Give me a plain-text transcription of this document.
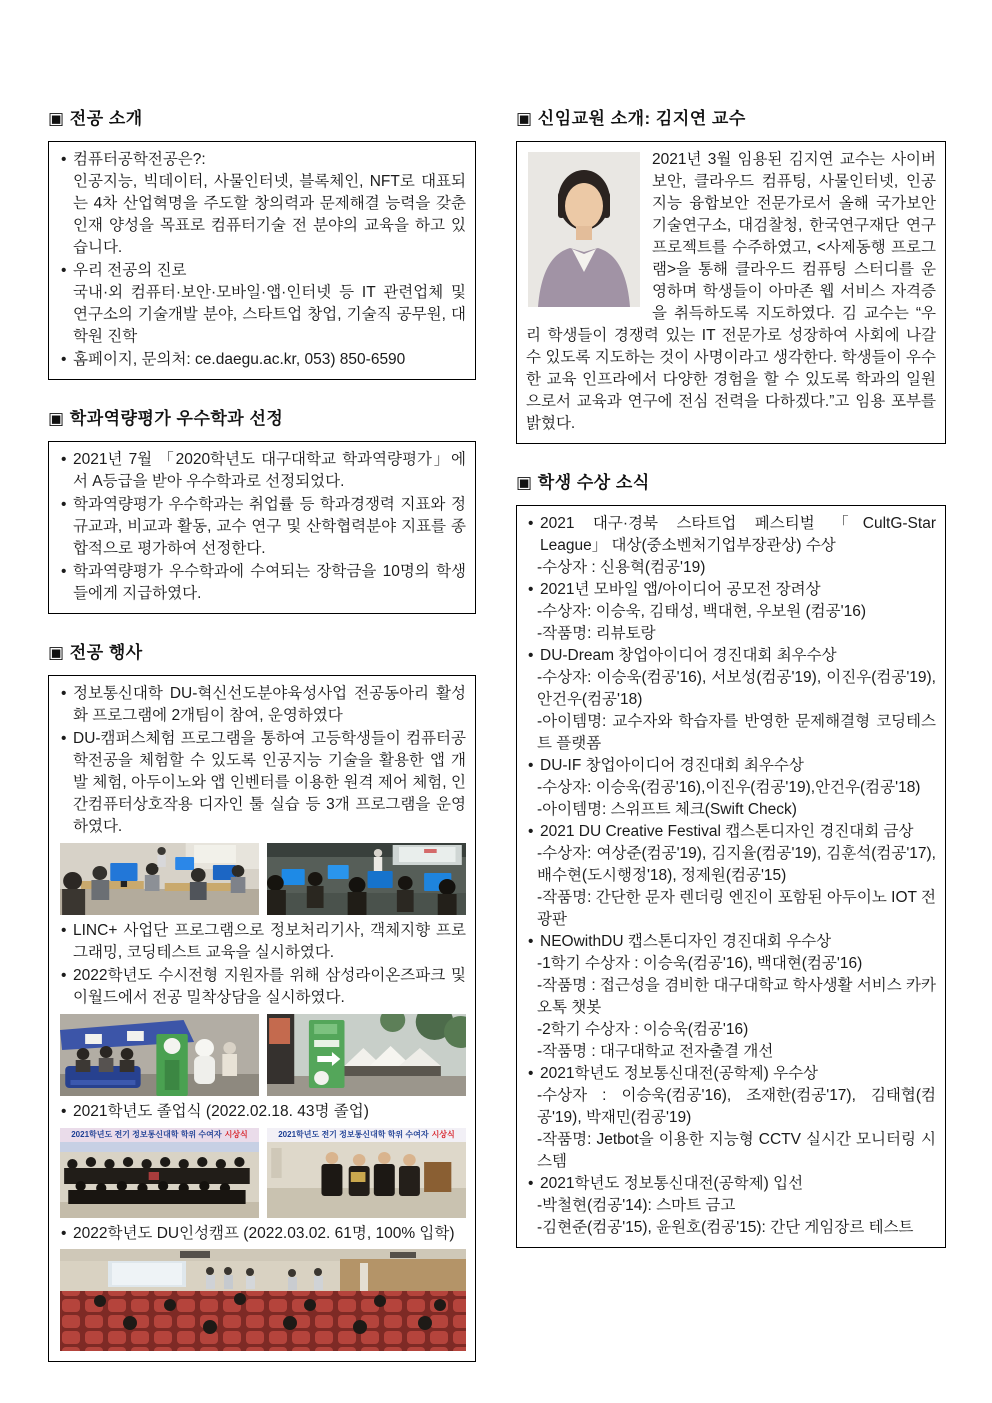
▣ 전공 소개
• 컴퓨터공학전공은?:
인공지능, 빅데이터, 사물인터넷, 블록체인, NFT로 대표되는 4차 산업혁명을 주도할 창의력과 문제해결 능력을 갖춘 인재 양성을 목표로 컴퓨터기술 전 분야의 교육을 하고 있습니다.
• 우리 전공의 진로
국내·외 컴퓨터·보안·모바일·앱·인터넷 등 IT 관련업체 및 연구소의 기술개발 분야, 스타트업 창업, 기술직 공무원, 대학원 진학
• 홈페이지, 문의처: ce.daegu.ac.kr, 053) 850-6590
▣ 학과역량평가 우수학과 선정
• 2021년 7월 「2020학년도 대구대학교 학과역량평가」에서 A등급을 받아 우수학과로 선정되었다.
• 학과역량평가 우수학과는 취업률 등 학과경쟁력 지표와 정규교과, 비교과 활동, 교수 연구 및 산학협력분야 지표를 종합적으로 평가하여 선정한다.
• 학과역량평가 우수학과에 수여되는 장학금을 10명의 학생들에게 지급하였다.
▣ 전공 행사
• 정보통신대학 DU-혁신선도분야육성사업 전공동아리 활성화 프로그램에 2개팀이 참여, 운영하였다
• DU-캠퍼스체험 프로그램을 통하여 고등학생들이 컴퓨터공학전공을 체험할 수 있도록 인공지능 기술을 활용한 앱 개발 체험, 아두이노와 앱 인벤터를 이용한 원격 제어 체험, 인간컴퓨터상호작용 디자인 툴 실습 등 3개 프로그램을 운영하였다.
• LINC+ 사업단 프로그램으로 정보처리기사, 객체지향 프로그래밍, 코딩테스트 교육을 실시하였다.
• 2022학년도 수시전형 지원자를 위해 삼성라이온즈파크 및 이월드에서 전공 밀착상담을 실시하였다.
• 2021학년도 졸업식 (2022.02.18. 43명 졸업)
2021학년도 전기 정보통신대학 학위 수여자 시상식	2021학년도 전기 정보통신대학 학위 수여자 시상식
• 2022학년도 DU인성캠프 (2022.03.02. 61명, 100% 입학)
▣ 신임교원 소개: 김지연 교수
2021년 3월 임용된 김지연 교수는 사이버 보안, 클라우드 컴퓨팅, 사물인터넷, 인공지능 융합보안 전문가로서 올해 국가보안기술연구소, 대검찰청, 한국연구재단 연구프로젝트를 수주하였고, <사제동행 프로그램>을 통해 클라우드 컴퓨팅 스터디를 운영하며 학생들이 아마존 웹 서비스 자격증을 취득하도록 지도하였다. 김 교수는 “우리 학생들이 경쟁력 있는 IT 전문가로 성장하여 사회에 나갈 수 있도록 지도하는 것이 사명이라고 생각한다. 학생들이 우수한 교육 인프라에서 다양한 경험을 할 수 있도록 학과의 일원으로서 교육과 연구에 전심 전력을 다하겠다.”고 임용 포부를 밝혔다.
▣ 학생 수상 소식
• 2021 대구·경북 스타트업 페스티벌 「CultG-Star League」 대상(중소벤처기업부장관상) 수상
-수상자 : 신용혁(컴공'19)
• 2021년 모바일 앱/아이디어 공모전 장려상
-수상자: 이승욱, 김태성, 백대현, 우보원 (컴공'16)
-작품명: 리뷰토랑
• DU-Dream 창업아이디어 경진대회 최우수상
-수상자: 이승욱(컴공'16), 서보성(컴공'19), 이진우(컴공'19), 안건우(컴공'18)
-아이템명: 교수자와 학습자를 반영한 문제해결형 코딩테스트 플랫폼
• DU-IF 창업아이디어 경진대회 최우수상
-수상자: 이승욱(컴공'16),이진우(컴공'19),안건우(컴공'18)
-아이템명: 스위프트 체크(Swift Check)
• 2021 DU Creative Festival 캡스톤디자인 경진대회 금상
-수상자: 여상준(컴공'19), 김지율(컴공'19), 김훈석(컴공'17), 배수현(도시행정'18), 정제원(컴공'15)
-작품명: 간단한 문자 렌더링 엔진이 포함된 아두이노 IOT 전광판
• NEOwithDU 캡스톤디자인 경진대회 우수상
-1학기 수상자 : 이승욱(컴공'16), 백대현(컴공'16)
-작품명 : 접근성을 겸비한 대구대학교 학사생활 서비스 카카오톡 챗봇
-2학기 수상자 : 이승욱(컴공'16)
-작품명 : 대구대학교 전자출결 개선
• 2021학년도 정보통신대전(공학제) 우수상
-수상자 : 이승욱(컴공'16), 조재한(컴공'17), 김태협(컴공'19), 박재민(컴공'19)
-작품명: Jetbot을 이용한 지능형 CCTV 실시간 모니터링 시스템
• 2021학년도 정보통신대전(공학제) 입선
-박철현(컴공'14): 스마트 금고
-김현준(컴공'15), 윤원호(컴공'15): 간단 게임장르 테스트
